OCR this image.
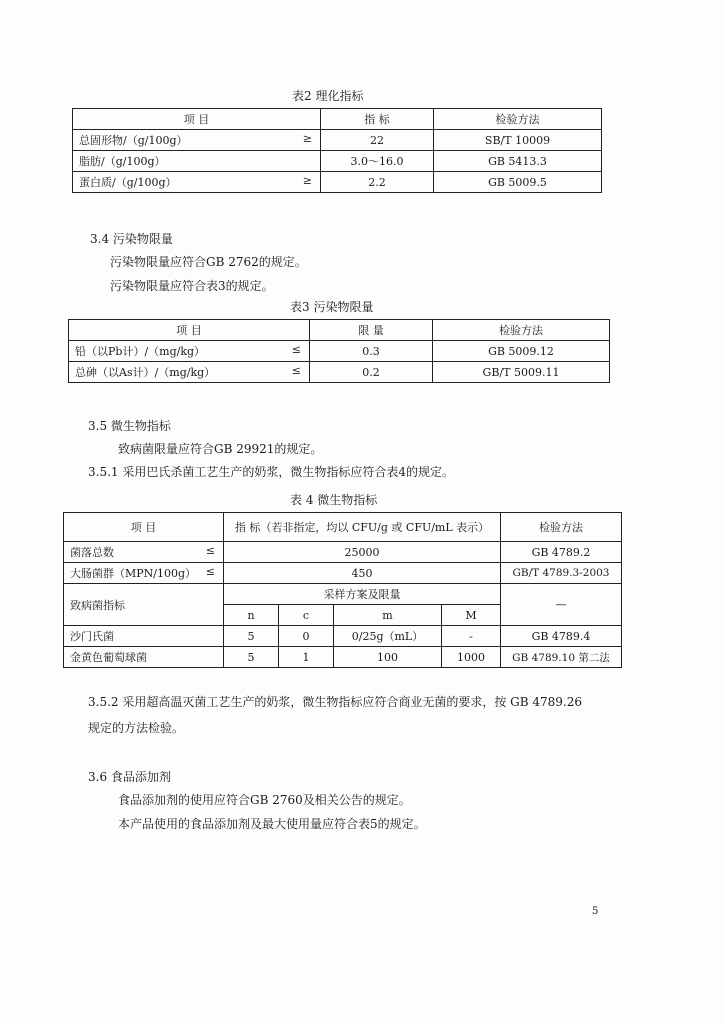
表2 理化指标
项 目	指 标	检验方法
总固形物/（g/100g） ≥	22	SB/T 10009
脂肪/（g/100g）	3.0～16.0	GB 5413.3
蛋白质/（g/100g） ≥	2.2	GB 5009.5
3.4 污染物限量
污染物限量应符合GB 2762的规定。
污染物限量应符合表3的规定。
表3 污染物限量
项 目	限 量	检验方法
铅（以Pb计）/（mg/kg） ≤	0.3	GB 5009.12
总砷（以As计）/（mg/kg） ≤	0.2	GB/T 5009.11
3.5 微生物指标
致病菌限量应符合GB 29921的规定。
3.5.1 采用巴氏杀菌工艺生产的奶浆，微生物指标应符合表4的规定。
表 4 微生物指标
项 目	指 标（若非指定，均以 CFU/g 或 CFU/mL 表示）				检验方法
菌落总数 ≤	25000				GB 4789.2
大肠菌群（MPN/100g） ≤	450				GB/T 4789.3-2003
致病菌指标	采样方案及限量				—
	n	c	m	M	
沙门氏菌	5	0	0/25g（mL）	-	GB 4789.4
金黄色葡萄球菌	5	1	100	1000	GB 4789.10 第二法
3.5.2 采用超高温灭菌工艺生产的奶浆，微生物指标应符合商业无菌的要求，按 GB 4789.26
规定的方法检验。
3.6 食品添加剂
食品添加剂的使用应符合GB 2760及相关公告的规定。
本产品使用的食品添加剂及最大使用量应符合表5的规定。
5
